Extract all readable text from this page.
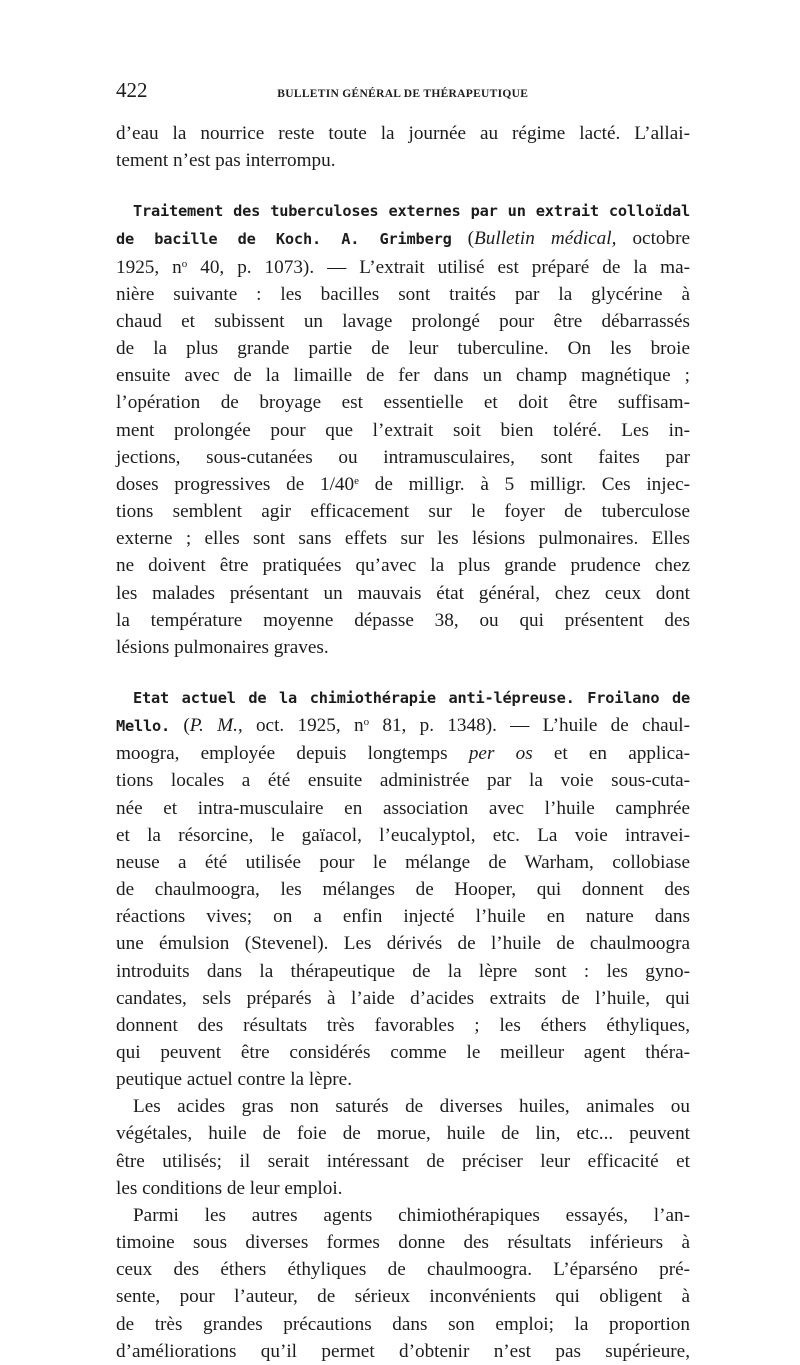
422	BULLETIN GÉNÉRAL DE THÉRAPEUTIQUE
d’eau la nourrice reste toute la journée au régime lacté. L’allai-
tement n’est pas interrompu.
Traitement des tuberculoses externes par un extrait colloïdal
de bacille de Koch. A. Grimberg (Bulletin médical, octobre
1925, $n^o$ 40, p. 1073). — L’extrait utilisé est préparé de la ma-
nière suivante : les bacilles sont traités par la glycérine à
chaud et subissent un lavage prolongé pour être débarrassés
de la plus grande partie de leur tuberculine. On les broie
ensuite avec de la limaille de fer dans un champ magnétique ;
l’opération de broyage est essentielle et doit être suffisam-
ment prolongée pour que l’extrait soit bien toléré. Les in-
jections, sous-cutanées ou intramusculaires, sont faites par
doses progressives de 1/40e de milligr. à 5 milligr. Ces injec-
tions semblent agir efficacement sur le foyer de tuberculose
externe ; elles sont sans effets sur les lésions pulmonaires. Elles
ne doivent être pratiquées qu’avec la plus grande prudence chez
les malades présentant un mauvais état général, chez ceux dont
la température moyenne dépasse 38, ou qui présentent des
lésions pulmonaires graves.
Etat actuel de la chimiothérapie anti-lépreuse. Froilano de
Mello. (P. M., oct. 1925, $n^o$ 81, p. 1348). — L’huile de chaul-
moogra, employée depuis longtemps per os et en applica-
tions locales a été ensuite administrée par la voie sous-cuta-
née et intra-musculaire en association avec l’huile camphrée
et la résorcine, le gaïacol, l’eucalyptol, etc. La voie intravei-
neuse a été utilisée pour le mélange de Warham, collobiase
de chaulmoogra, les mélanges de Hooper, qui donnent des
réactions vives; on a enfin injecté l’huile en nature dans
une émulsion (Stevenel). Les dérivés de l’huile de chaulmoogra
introduits dans la thérapeutique de la lèpre sont : les gyno-
candates, sels préparés à l’aide d’acides extraits de l’huile, qui
donnent des résultats très favorables ; les éthers éthyliques,
qui peuvent être considérés comme le meilleur agent théra-
peutique actuel contre la lèpre.
Les acides gras non saturés de diverses huiles, animales ou
végétales, huile de foie de morue, huile de lin, etc... peuvent
être utilisés; il serait intéressant de préciser leur efficacité et
les conditions de leur emploi.
Parmi les autres agents chimiothérapiques essayés, l’an-
timoine sous diverses formes donne des résultats inférieurs à
ceux des éthers éthyliques de chaulmoogra. L’éparséno pré-
sente, pour l’auteur, de sérieux inconvénients qui obligent à
de très grandes précautions dans son emploi; la proportion
d’améliorations qu’il permet d’obtenir n’est pas supérieure,
